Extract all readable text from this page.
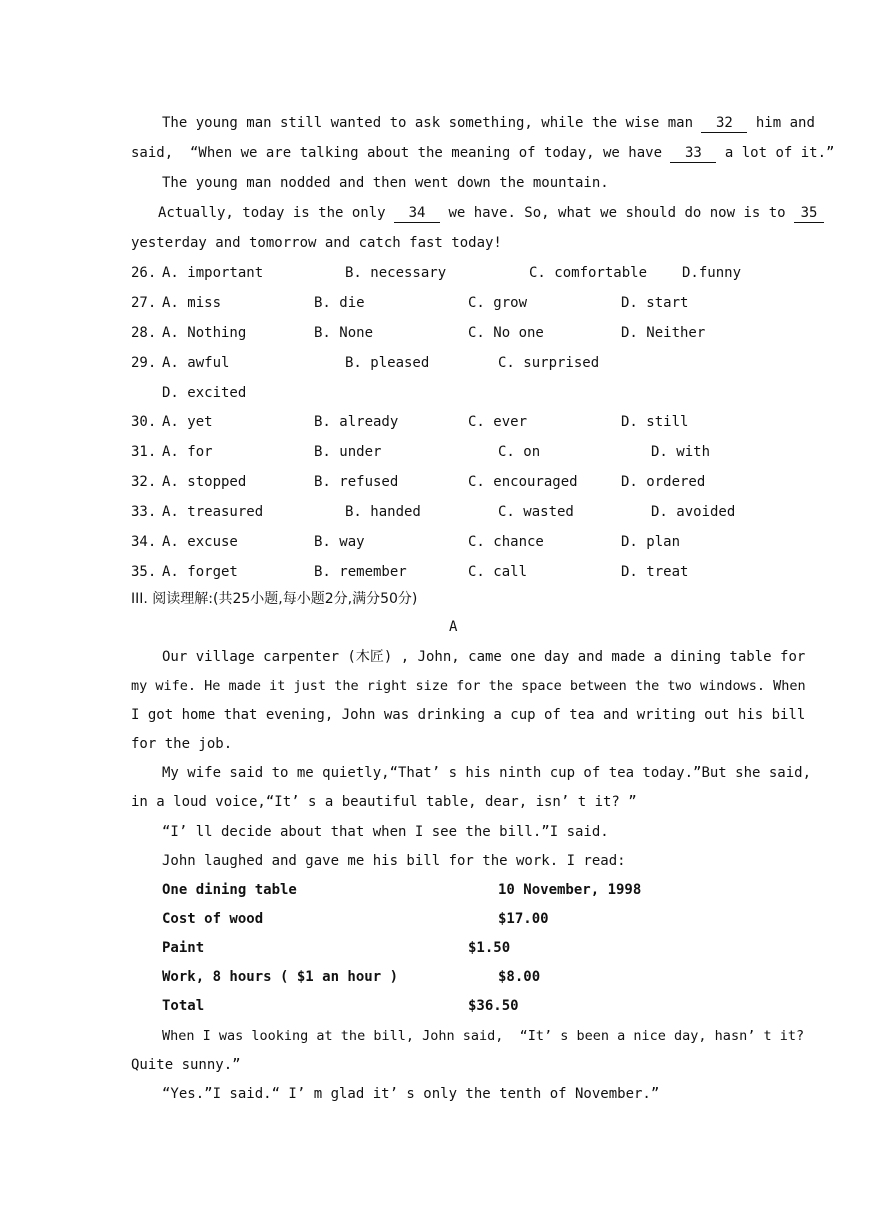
The young man still wanted to ask something, while the wise man 32 him and
said,  “When we are talking about the meaning of today, we have 33 a lot of it.”
The young man nodded and then went down the mountain.
Actually, today is the only 34 we have. So, what we should do now is to 35
yesterday and tomorrow and catch fast today!
26. A. important	B. necessary	C. comfortable D.funny
27. A. miss	B. die	C. grow	D. start
28. A. Nothing	B. None	C. No one	D. Neither
29. A. awful	B. pleased	C. surprised
D. excited
30. A. yet	B. already	C. ever	D. still
31. A. for	B. under	C. on	D. with
32. A. stopped	B. refused	C. encouraged	D. ordered
33. A. treasured	B. handed	C. wasted	D. avoided
34. A. excuse	B. way	C. chance	D. plan
35. A. forget	B. remember	C. call	D. treat
III. 阅读理解:(共25小题,每小题2分,满分50分)
A
Our village carpenter (木匠) , John, came one day and made a dining table for
my wife. He made it just the right size for the space between the two windows. When
I got home that evening, John was drinking a cup of tea and writing out his bill
for the job.
My wife said to me quietly,“That’ s his ninth cup of tea today.”But she said,
in a loud voice,“It’ s a beautiful table, dear, isn’ t it? ”
“I’ ll decide about that when I see the bill.”I said.
John laughed and gave me his bill for the work. I read:
One dining table	10 November, 1998
Cost of wood	$17.00
Paint	$1.50
Work, 8 hours ( $1 an hour )	$8.00
Total	$36.50
When I was looking at the bill, John said,  “It’ s been a nice day, hasn’ t it?
Quite sunny.”
“Yes.”I said.“ I’ m glad it’ s only the tenth of November.”
